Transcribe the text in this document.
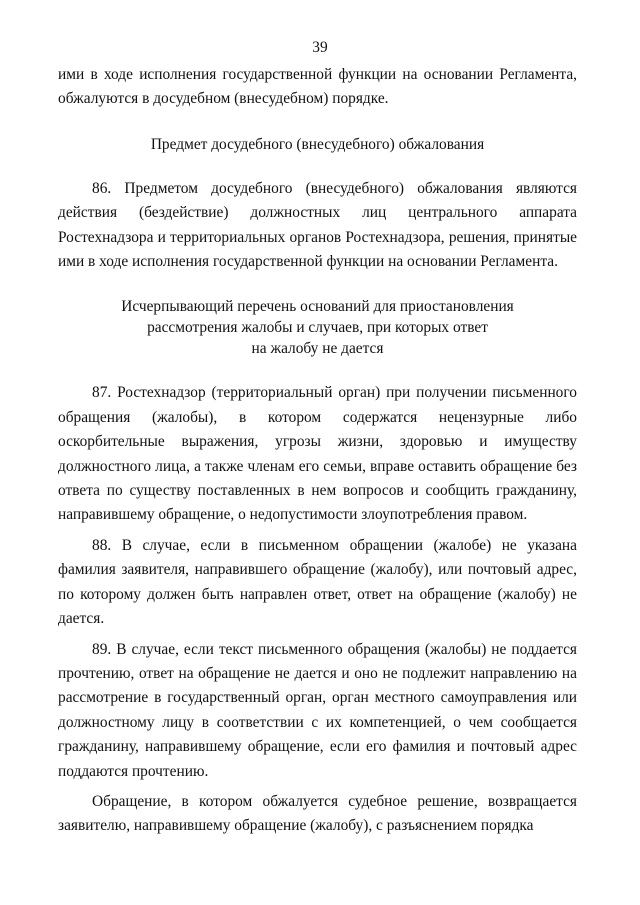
39

ими в ходе исполнения государственной функции на основании Регламента, обжалуются в досудебном (внесудебном) порядке.

Предмет досудебного (внесудебного) обжалования

86. Предметом досудебного (внесудебного) обжалования являются действия (бездействие) должностных лиц центрального аппарата Ростехнадзора и территориальных органов Ростехнадзора, решения, принятые ими в ходе исполнения государственной функции на основании Регламента.

Исчерпывающий перечень оснований для приостановления
рассмотрения жалобы и случаев, при которых ответ
на жалобу не дается

87. Ростехнадзор (территориальный орган) при получении письменного обращения (жалобы), в котором содержатся нецензурные либо оскорбительные выражения, угрозы жизни, здоровью и имуществу должностного лица, а также членам его семьи, вправе оставить обращение без ответа по существу поставленных в нем вопросов и сообщить гражданину, направившему обращение, о недопустимости злоупотребления правом.

88. В случае, если в письменном обращении (жалобе) не указана фамилия заявителя, направившего обращение (жалобу), или почтовый адрес, по которому должен быть направлен ответ, ответ на обращение (жалобу) не дается.

89. В случае, если текст письменного обращения (жалобы) не поддается прочтению, ответ на обращение не дается и оно не подлежит направлению на рассмотрение в государственный орган, орган местного самоуправления или должностному лицу в соответствии с их компетенцией, о чем сообщается гражданину, направившему обращение, если его фамилия и почтовый адрес поддаются прочтению.

Обращение, в котором обжалуется судебное решение, возвращается заявителю, направившему обращение (жалобу), с разъяснением порядка
